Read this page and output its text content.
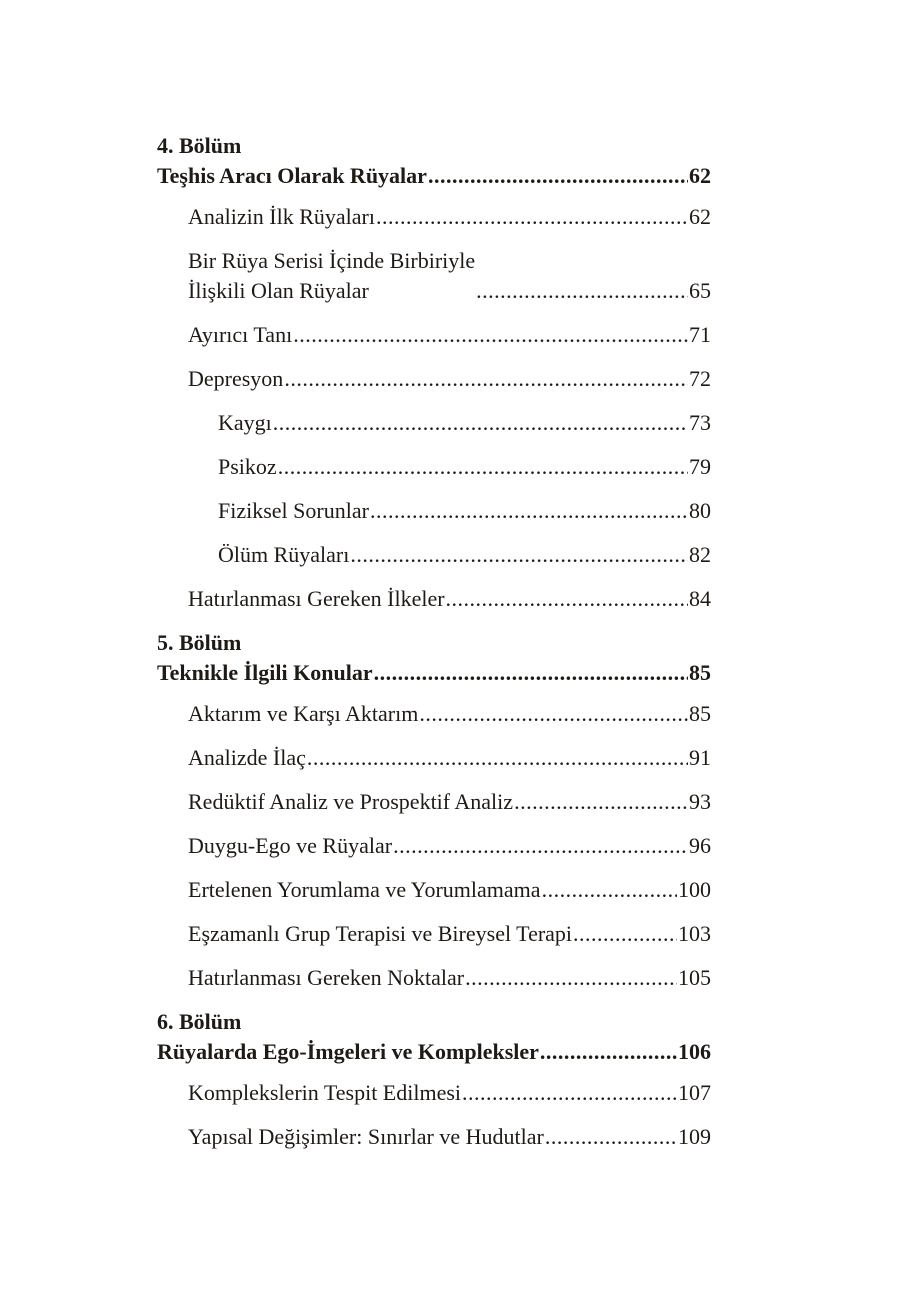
4. Bölüm
Teşhis Aracı Olarak Rüyalar .....	62
Analizin İlk Rüyaları .....	62
Bir Rüya Serisi İçinde Birbiriyle
İlişkili Olan Rüyalar .....	65
Ayırıcı Tanı .....	71
Depresyon .....	72
Kaygı .....	73
Psikoz .....	79
Fiziksel Sorunlar .....	80
Ölüm Rüyaları .....	82
Hatırlanması Gereken İlkeler .....	84
5. Bölüm
Teknikle İlgili Konular .....	85
Aktarım ve Karşı Aktarım .....	85
Analizde İlaç .....	91
Redüktif Analiz ve Prospektif Analiz .....	93
Duygu-Ego ve Rüyalar .....	96
Ertelenen Yorumlama ve Yorumlamama .....	100
Eşzamanlı Grup Terapisi ve Bireysel Terapi .....	103
Hatırlanması Gereken Noktalar .....	105
6. Bölüm
Rüyalarda Ego-İmgeleri ve Kompleksler .....	106
Komplekslerin Tespit Edilmesi .....	107
Yapısal Değişimler: Sınırlar ve Hudutlar .....	109
